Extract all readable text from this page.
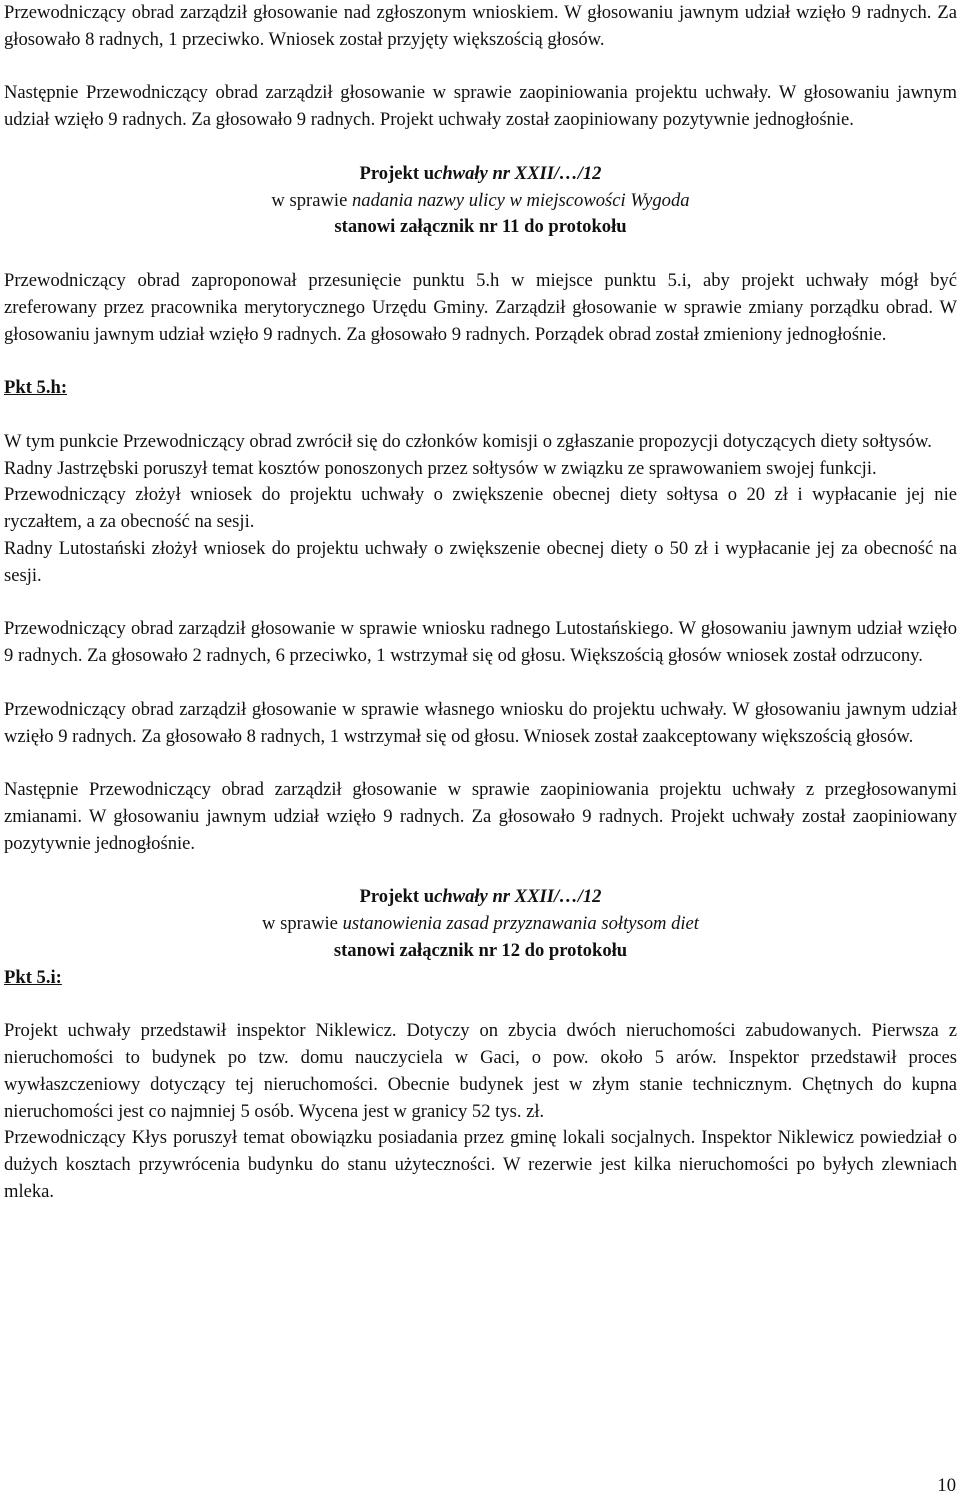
Przewodniczący obrad zarządził głosowanie nad zgłoszonym wnioskiem. W głosowaniu jawnym udział wzięło 9 radnych. Za głosowało 8 radnych, 1 przeciwko. Wniosek został przyjęty większością głosów.

Następnie Przewodniczący obrad zarządził głosowanie w sprawie zaopiniowania projektu uchwały. W głosowaniu jawnym udział wzięło 9 radnych. Za głosowało 9 radnych. Projekt uchwały został zaopiniowany pozytywnie jednogłośnie.

Projekt uchwały nr XXII/…/12
w sprawie nadania nazwy ulicy w miejscowości Wygoda
stanowi załącznik nr 11 do protokołu

Przewodniczący obrad zaproponował przesunięcie punktu 5.h w miejsce punktu 5.i, aby projekt uchwały mógł być zreferowany przez pracownika merytorycznego Urzędu Gminy. Zarządził głosowanie w sprawie zmiany porządku obrad. W głosowaniu jawnym udział wzięło 9 radnych. Za głosowało 9 radnych. Porządek obrad został zmieniony jednogłośnie.

Pkt 5.h:

W tym punkcie Przewodniczący obrad zwrócił się do członków komisji o zgłaszanie propozycji dotyczących diety sołtysów.

Radny Jastrzębski poruszył temat kosztów ponoszonych przez sołtysów w związku ze sprawowaniem swojej funkcji.

Przewodniczący złożył wniosek do projektu uchwały o zwiększenie obecnej diety sołtysa o 20 zł i wypłacanie jej nie ryczałtem, a za obecność na sesji.

Radny Lutostański złożył wniosek do projektu uchwały o zwiększenie obecnej diety o 50 zł i wypłacanie jej za obecność na sesji.

Przewodniczący obrad zarządził głosowanie w sprawie wniosku radnego Lutostańskiego. W głosowaniu jawnym udział wzięło 9 radnych. Za głosowało 2 radnych, 6 przeciwko, 1 wstrzymał się od głosu. Większością głosów wniosek został odrzucony.

Przewodniczący obrad zarządził głosowanie w sprawie własnego wniosku do projektu uchwały. W głosowaniu jawnym udział wzięło 9 radnych. Za głosowało 8 radnych, 1 wstrzymał się od głosu. Wniosek został zaakceptowany większością głosów.

Następnie Przewodniczący obrad zarządził głosowanie w sprawie zaopiniowania projektu uchwały z przegłosowanymi zmianami. W głosowaniu jawnym udział wzięło 9 radnych. Za głosowało 9 radnych. Projekt uchwały został zaopiniowany pozytywnie jednogłośnie.

Projekt uchwały nr XXII/…/12
w sprawie ustanowienia zasad przyznawania sołtysom diet
stanowi załącznik nr 12 do protokołu
Pkt 5.i:

Projekt uchwały przedstawił inspektor Niklewicz. Dotyczy on zbycia dwóch nieruchomości zabudowanych. Pierwsza z nieruchomości to budynek po tzw. domu nauczyciela w Gaci, o pow. około 5 arów. Inspektor przedstawił proces wywłaszczeniowy dotyczący tej nieruchomości. Obecnie budynek jest w złym stanie technicznym. Chętnych do kupna nieruchomości jest co najmniej 5 osób. Wycena jest w granicy 52 tys. zł.

Przewodniczący Kłys poruszył temat obowiązku posiadania przez gminę lokali socjalnych. Inspektor Niklewicz powiedział o dużych kosztach przywrócenia budynku do stanu użyteczności. W rezerwie jest kilka nieruchomości po byłych zlewniach mleka.

10
